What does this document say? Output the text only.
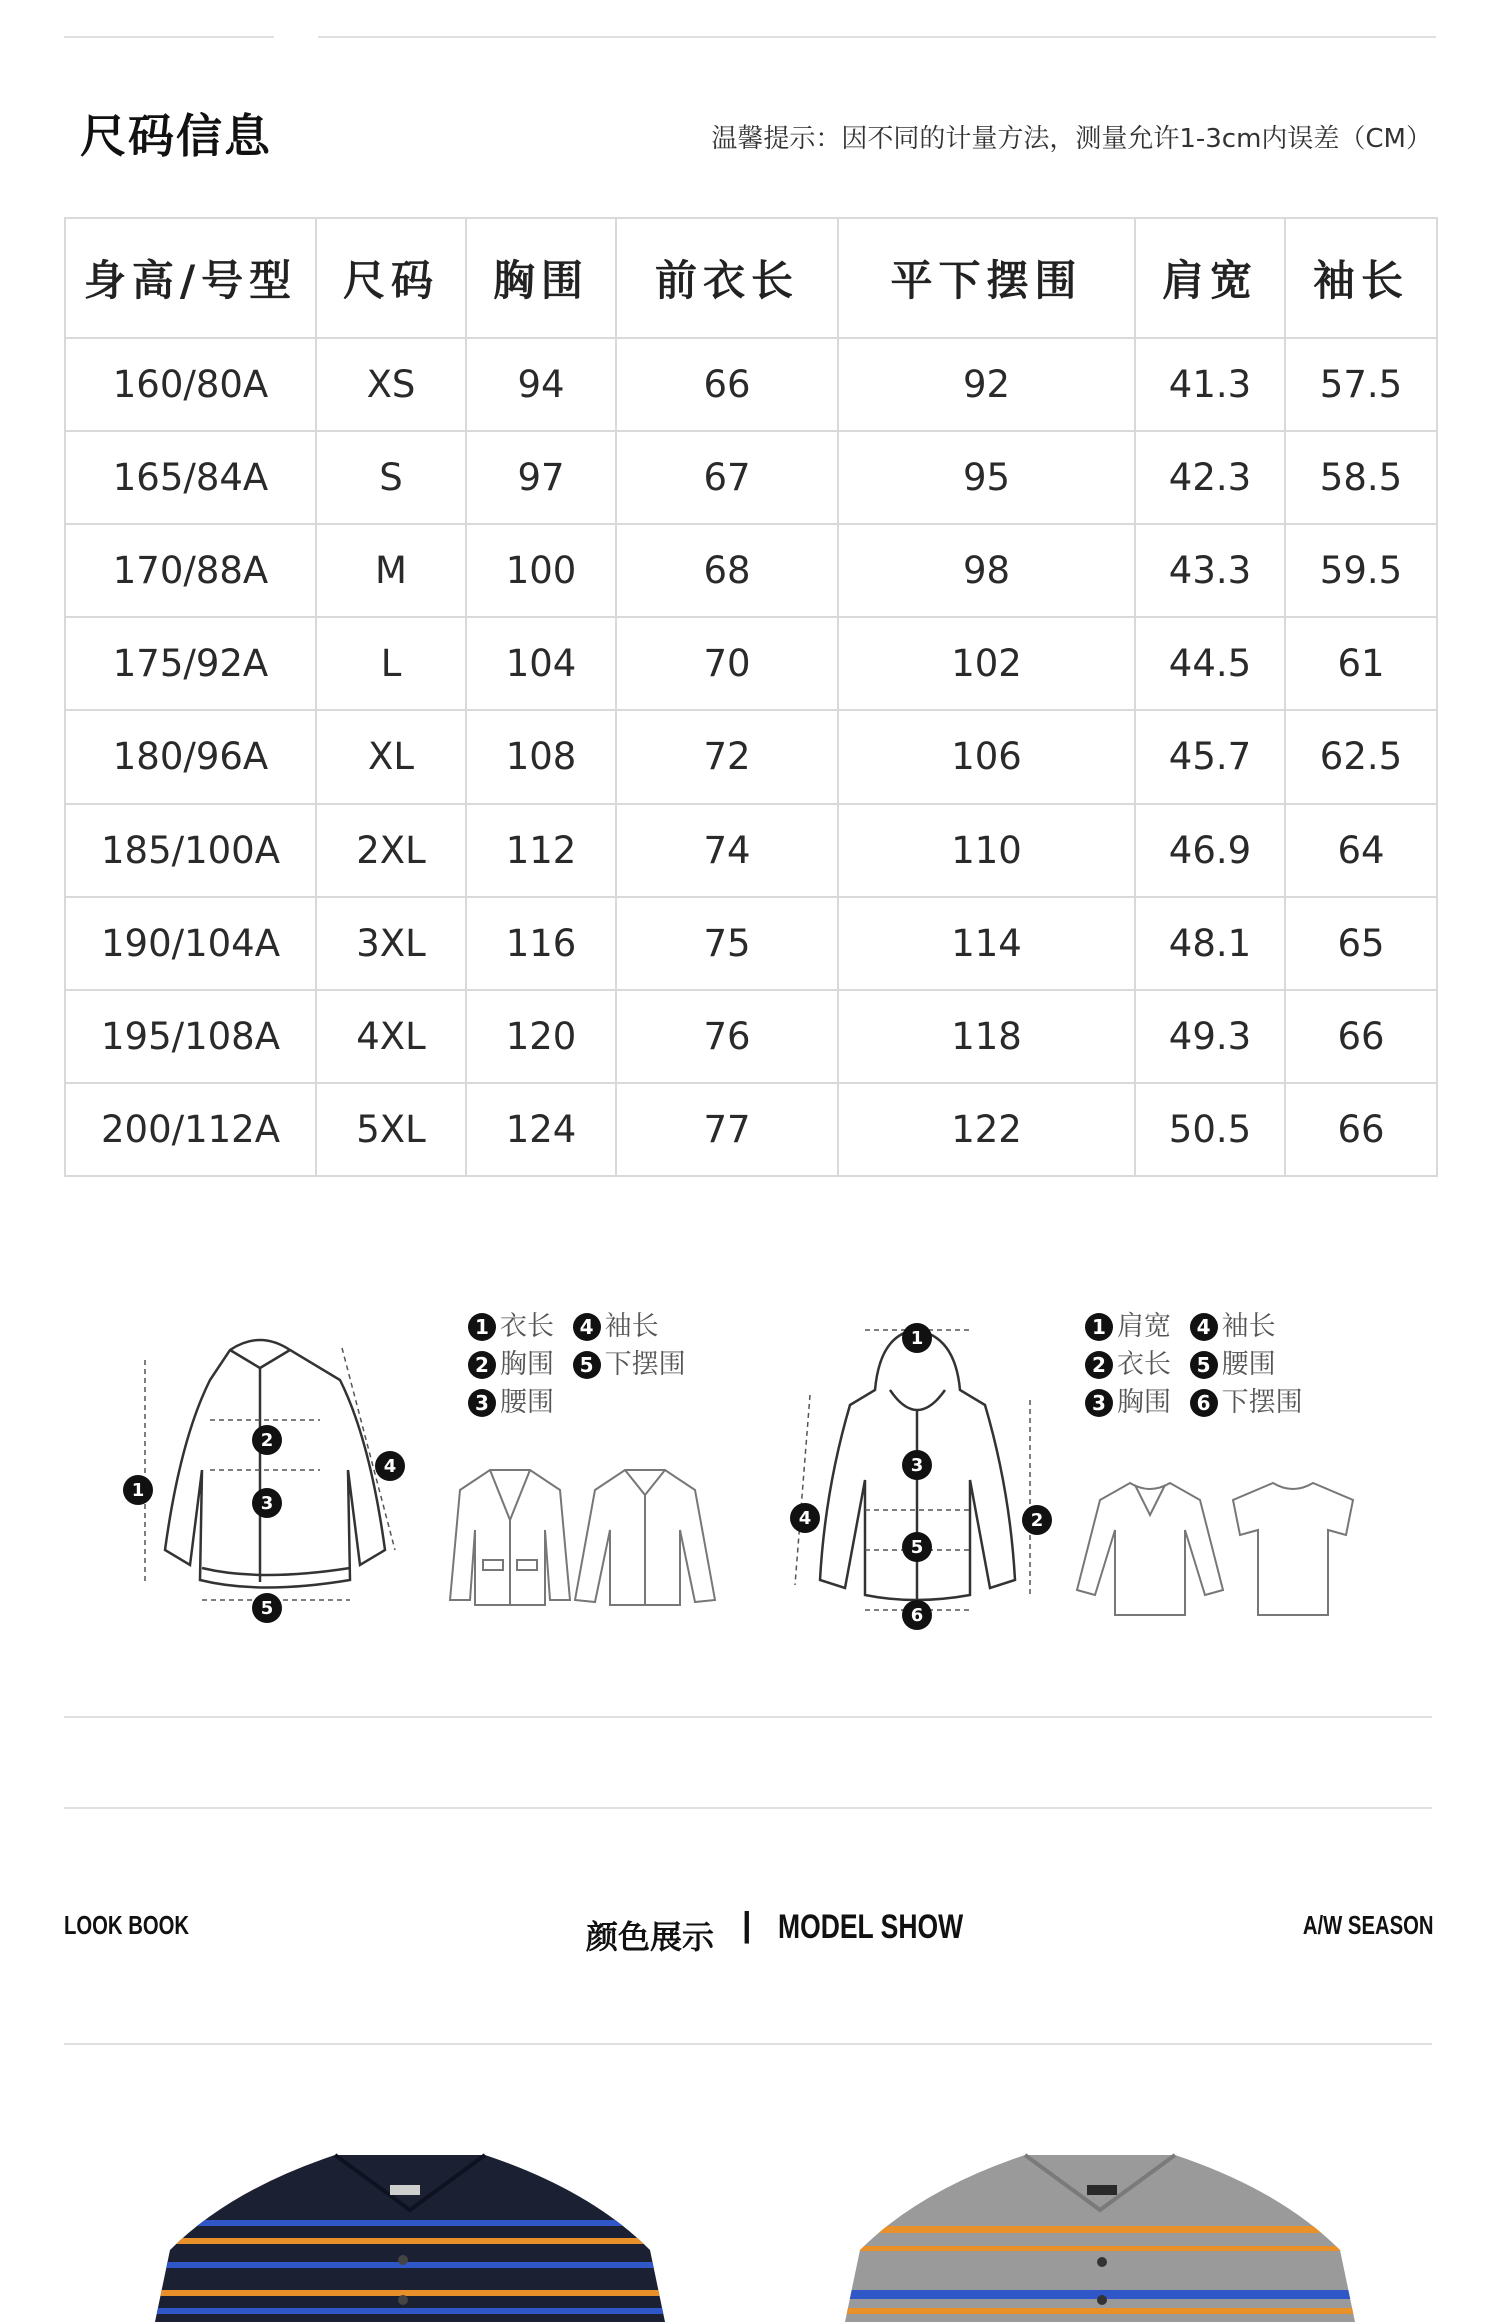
尺码信息	温馨提示：因不同的计量方法，测量允许1-3cm内误差（CM）
身高/号型	尺码	胸围	前衣长	平下摆围	肩宽	袖长
160/80A	XS	94	66	92	41.3	57.5
165/84A	S	97	67	95	42.3	58.5
170/88A	M	100	68	98	43.3	59.5
175/92A	L	104	70	102	44.5	61
180/96A	XL	108	72	106	45.7	62.5
185/100A	2XL	112	74	110	46.9	64
190/104A	3XL	116	75	114	48.1	65
195/108A	4XL	120	76	118	49.3	66
200/112A	5XL	124	77	122	50.5	66
1
2
3
4
5
1 衣长 4 袖长
2 胸围 5 下摆围
3 腰围
1
2
3
4
5
6
1 肩宽 4 袖长
2 衣长 5 腰围
3 胸围 6 下摆围
LOOK BOOK	颜色展示 | MODEL SHOW	A/W SEASON
